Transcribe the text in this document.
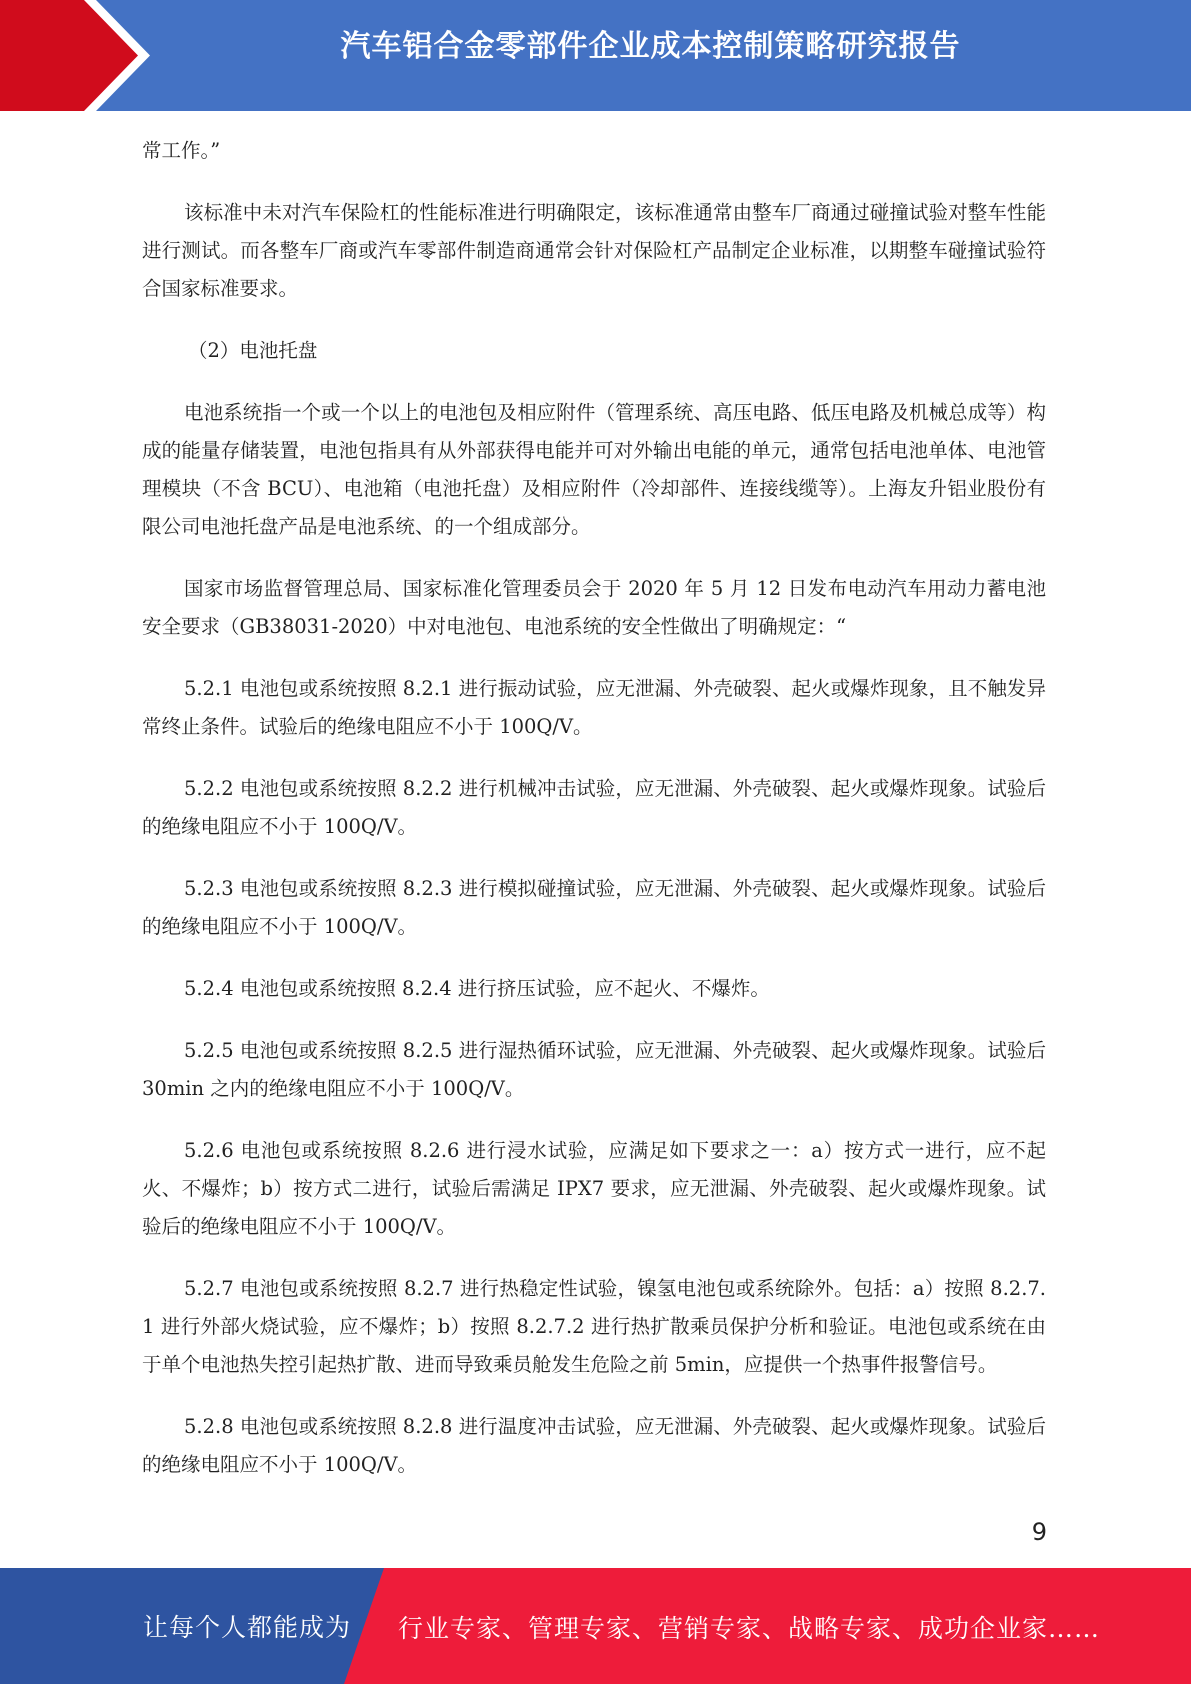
汽车铝合金零部件企业成本控制策略研究报告

常工作。”

该标准中未对汽车保险杠的性能标准进行明确限定，该标准通常由整车厂商通过碰撞试验对整车性能进行测试。而各整车厂商或汽车零部件制造商通常会针对保险杠产品制定企业标准，以期整车碰撞试验符合国家标准要求。

（2）电池托盘

电池系统指一个或一个以上的电池包及相应附件（管理系统、高压电路、低压电路及机械总成等）构成的能量存储装置，电池包指具有从外部获得电能并可对外输出电能的单元，通常包括电池单体、电池管理模块（不含 BCU）、电池箱（电池托盘）及相应附件（冷却部件、连接线缆等）。上海友升铝业股份有限公司电池托盘产品是电池系统、的一个组成部分。

国家市场监督管理总局、国家标准化管理委员会于 2020 年 5 月 12 日发布电动汽车用动力蓄电池安全要求（GB38031-2020）中对电池包、电池系统的安全性做出了明确规定：“

5.2.1 电池包或系统按照 8.2.1 进行振动试验，应无泄漏、外壳破裂、起火或爆炸现象，且不触发异常终止条件。试验后的绝缘电阻应不小于 100Q/V。

5.2.2 电池包或系统按照 8.2.2 进行机械冲击试验，应无泄漏、外壳破裂、起火或爆炸现象。试验后的绝缘电阻应不小于 100Q/V。

5.2.3 电池包或系统按照 8.2.3 进行模拟碰撞试验，应无泄漏、外壳破裂、起火或爆炸现象。试验后的绝缘电阻应不小于 100Q/V。

5.2.4 电池包或系统按照 8.2.4 进行挤压试验，应不起火、不爆炸。

5.2.5 电池包或系统按照 8.2.5 进行湿热循环试验，应无泄漏、外壳破裂、起火或爆炸现象。试验后 30min 之内的绝缘电阻应不小于 100Q/V。

5.2.6 电池包或系统按照 8.2.6 进行浸水试验，应满足如下要求之一：a）按方式一进行，应不起火、不爆炸；b）按方式二进行，试验后需满足 IPX7 要求，应无泄漏、外壳破裂、起火或爆炸现象。试验后的绝缘电阻应不小于 100Q/V。

5.2.7 电池包或系统按照 8.2.7 进行热稳定性试验，镍氢电池包或系统除外。包括：a）按照 8.2.7.1 进行外部火烧试验，应不爆炸；b）按照 8.2.7.2 进行热扩散乘员保护分析和验证。电池包或系统在由于单个电池热失控引起热扩散、进而导致乘员舱发生危险之前 5min，应提供一个热事件报警信号。

5.2.8 电池包或系统按照 8.2.8 进行温度冲击试验，应无泄漏、外壳破裂、起火或爆炸现象。试验后的绝缘电阻应不小于 100Q/V。

9
让每个人都能成为 行业专家、管理专家、营销专家、战略专家、成功企业家……
